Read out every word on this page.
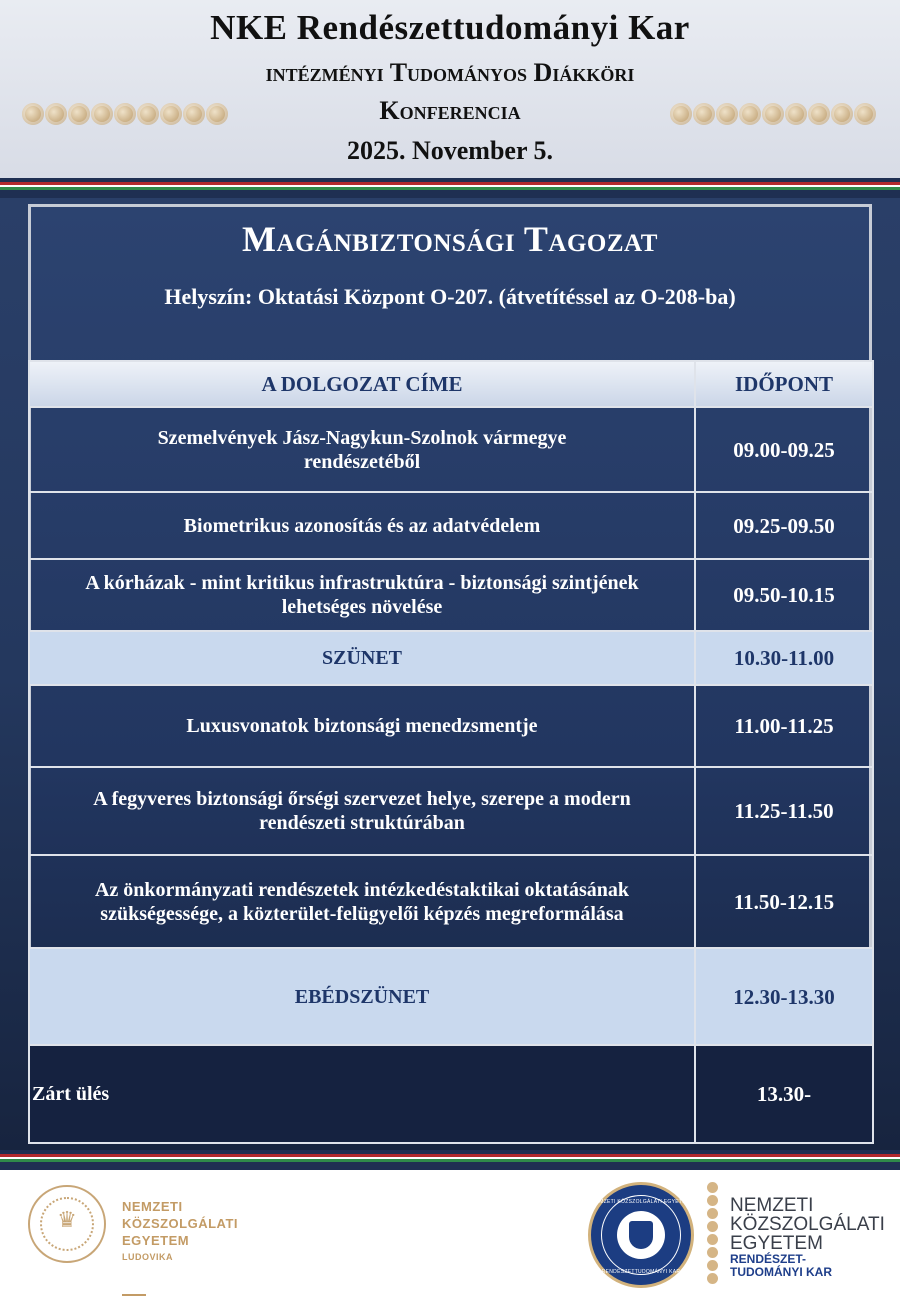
NKE Rendészettudományi Kar
intézményi Tudományos Diákköri
Konferencia
2025. November 5.
Magánbiztonsági Tagozat
Helyszín: Oktatási Központ O-207. (átvetítéssel az O-208-ba)
A DOLGOZAT CÍME	IDŐPONT
Szemelvények Jász-Nagykun-Szolnok vármegye rendészetéből	09.00-09.25
Biometrikus azonosítás és az adatvédelem	09.25-09.50
A kórházak - mint kritikus infrastruktúra - biztonsági szintjének lehetséges növelése	09.50-10.15
SZÜNET	10.30-11.00
Luxusvonatok biztonsági menedzsmentje	11.00-11.25
A fegyveres biztonsági őrségi szervezet helye, szerepe a modern rendészeti struktúrában	11.25-11.50
Az önkormányzati rendészetek intézkedéstaktikai oktatásának szükségessége, a közterület-felügyelői képzés megreformálása	11.50-12.15
EBÉDSZÜNET	12.30-13.30
Zárt ülés	13.30-
♛
NEMZETI
KÖZSZOLGÁLATI
EGYETEM
LUDOVIKA
NEMZETI KÖZSZOLGÁLATI EGYETEM
RENDÉSZETTUDOMÁNYI KAR
NEMZETI
KÖZSZOLGÁLATI
EGYETEM
RENDÉSZET-
TUDOMÁNYI KAR
